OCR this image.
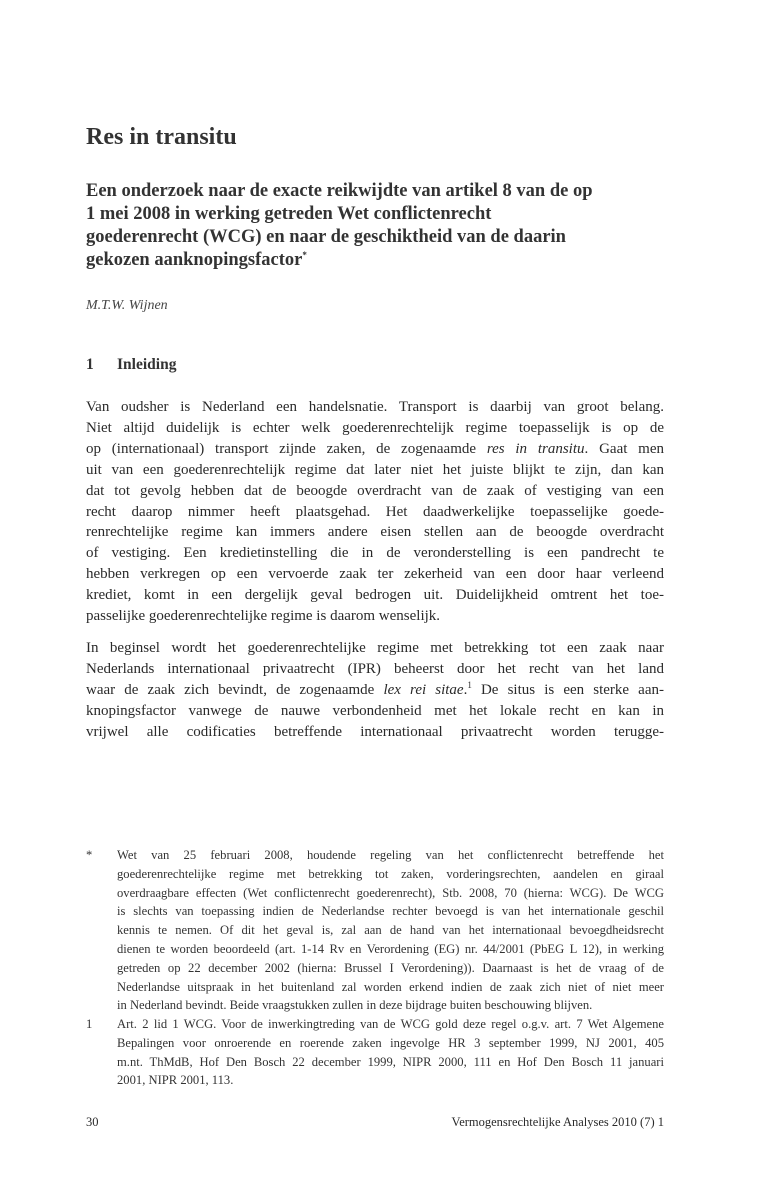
Res in transitu
Een onderzoek naar de exacte reikwijdte van artikel 8 van de op
1 mei 2008 in werking getreden Wet conflictenrecht
goederenrecht (WCG) en naar de geschiktheid van de daarin
gekozen aanknopingsfactor*
M.T.W. Wijnen
1 Inleiding
Van oudsher is Nederland een handelsnatie. Transport is daarbij van groot belang.
Niet altijd duidelijk is echter welk goederenrechtelijk regime toepasselijk is op de
op (internationaal) transport zijnde zaken, de zogenaamde res in transitu. Gaat men
uit van een goederenrechtelijk regime dat later niet het juiste blijkt te zijn, dan kan
dat tot gevolg hebben dat de beoogde overdracht van de zaak of vestiging van een
recht daarop nimmer heeft plaatsgehad. Het daadwerkelijke toepasselijke goede-
renrechtelijke regime kan immers andere eisen stellen aan de beoogde overdracht
of vestiging. Een kredietinstelling die in de veronderstelling is een pandrecht te
hebben verkregen op een vervoerde zaak ter zekerheid van een door haar verleend
krediet, komt in een dergelijk geval bedrogen uit. Duidelijkheid omtrent het toe-
passelijke goederenrechtelijke regime is daarom wenselijk.
In beginsel wordt het goederenrechtelijke regime met betrekking tot een zaak naar
Nederlands internationaal privaatrecht (IPR) beheerst door het recht van het land
waar de zaak zich bevindt, de zogenaamde lex rei sitae.$^1$ De situs is een sterke aan-
knopingsfactor vanwege de nauwe verbondenheid met het lokale recht en kan in
vrijwel alle codificaties betreffende internationaal privaatrecht worden terugge-
* Wet van 25 februari 2008, houdende regeling van het conflictenrecht betreffende het
goederenrechtelijke regime met betrekking tot zaken, vorderingsrechten, aandelen en giraal
overdraagbare effecten (Wet conflictenrecht goederenrecht), Stb. 2008, 70 (hierna: WCG). De WCG
is slechts van toepassing indien de Nederlandse rechter bevoegd is van het internationale geschil
kennis te nemen. Of dit het geval is, zal aan de hand van het internationaal bevoegdheidsrecht
dienen te worden beoordeeld (art. 1-14 Rv en Verordening (EG) nr. 44/2001 (PbEG L 12), in werking
getreden op 22 december 2002 (hierna: Brussel I Verordening)). Daarnaast is het de vraag of de
Nederlandse uitspraak in het buitenland zal worden erkend indien de zaak zich niet of niet meer
in Nederland bevindt. Beide vraagstukken zullen in deze bijdrage buiten beschouwing blijven.
1 Art. 2 lid 1 WCG. Voor de inwerkingtreding van de WCG gold deze regel o.g.v. art. 7 Wet Algemene
Bepalingen voor onroerende en roerende zaken ingevolge HR 3 september 1999, NJ 2001, 405
m.nt. ThMdB, Hof Den Bosch 22 december 1999, NIPR 2000, 111 en Hof Den Bosch 11 januari
2001, NIPR 2001, 113.
30	Vermogensrechtelijke Analyses 2010 (7) 1
